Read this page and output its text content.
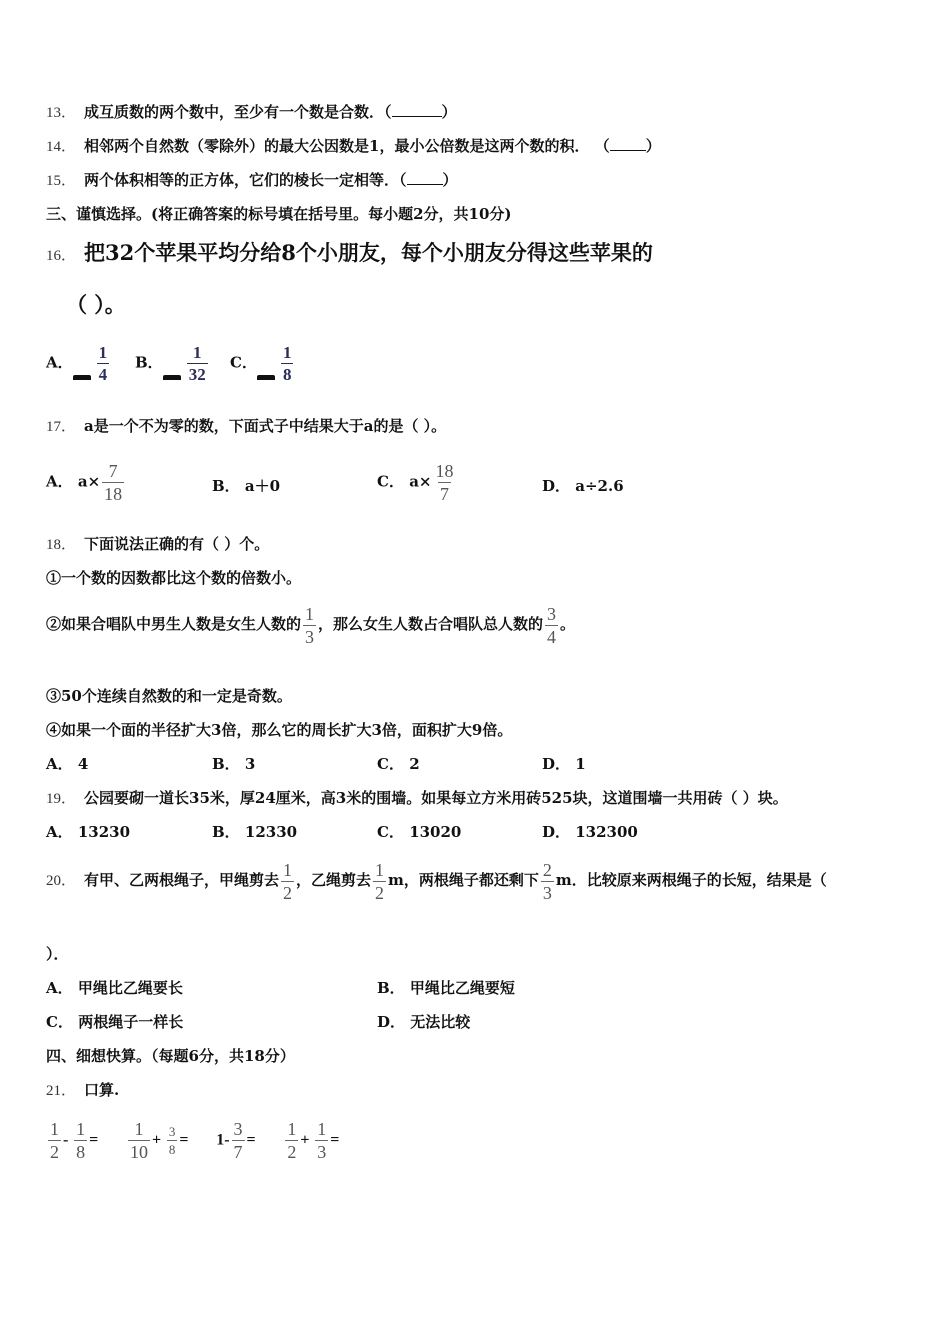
13． 成互质数的两个数中，至少有一个数是合数．（	）
14． 相邻两个自然数（零除外）的最大公因数是1，最小公倍数是这两个数的积． （ ）
15． 两个体积相等的正方体，它们的棱长一定相等．（ ）
三、谨慎选择。(将正确答案的标号填在括号里。每小题2分，共10分)
16． 把32个苹果平均分给8个小朋友，每个小朋友分得这些苹果的
（ ）。
A． $\frac{1}{4}$ B． $\frac{1}{32}$ C． $\frac{1}{8}$
17． a是一个不为零的数，下面式子中结果大于a的是（ ）。
A． $a\times \frac{7}{18}$	B． a＋0	C． $a\times \frac{18}{7}$	D． a÷2.6
18． 下面说法正确的有（ ）个。
①一个数的因数都比这个数的倍数小。
②如果合唱队中男生人数是女生人数的 $\frac{1}{3}$ ，那么女生人数占合唱队总人数的 $\frac{3}{4}$ 。
③50个连续自然数的和一定是奇数。
④如果一个面的半径扩大3倍，那么它的周长扩大3倍，面积扩大9倍。
A． 4	B． 3	C． 2	D． 1
19． 公园要砌一道长35米，厚24厘米，高3米的围墙。如果每立方米用砖525块，这道围墙一共用砖（ ）块。
A． 13230	B． 12330	C． 13020	D． 132300
20． 有甲、乙两根绳子，甲绳剪去 $\frac{1}{2}$ ，乙绳剪去 $\frac{1}{2}$ m，两根绳子都还剩下 $\frac{2}{3}$ m．比较原来两根绳子的长短，结果是（
）．
A． 甲绳比乙绳要长	B． 甲绳比乙绳要短
C． 两根绳子一样长	D． 无法比较
四、细想快算。（每题6分，共18分）
21． 口算.
$\frac{1}{2} - \frac{1}{8} = \frac{1}{10} + \frac{3}{8} = 1- \frac{3}{7} = \frac{1}{2} + \frac{1}{3}$ =
